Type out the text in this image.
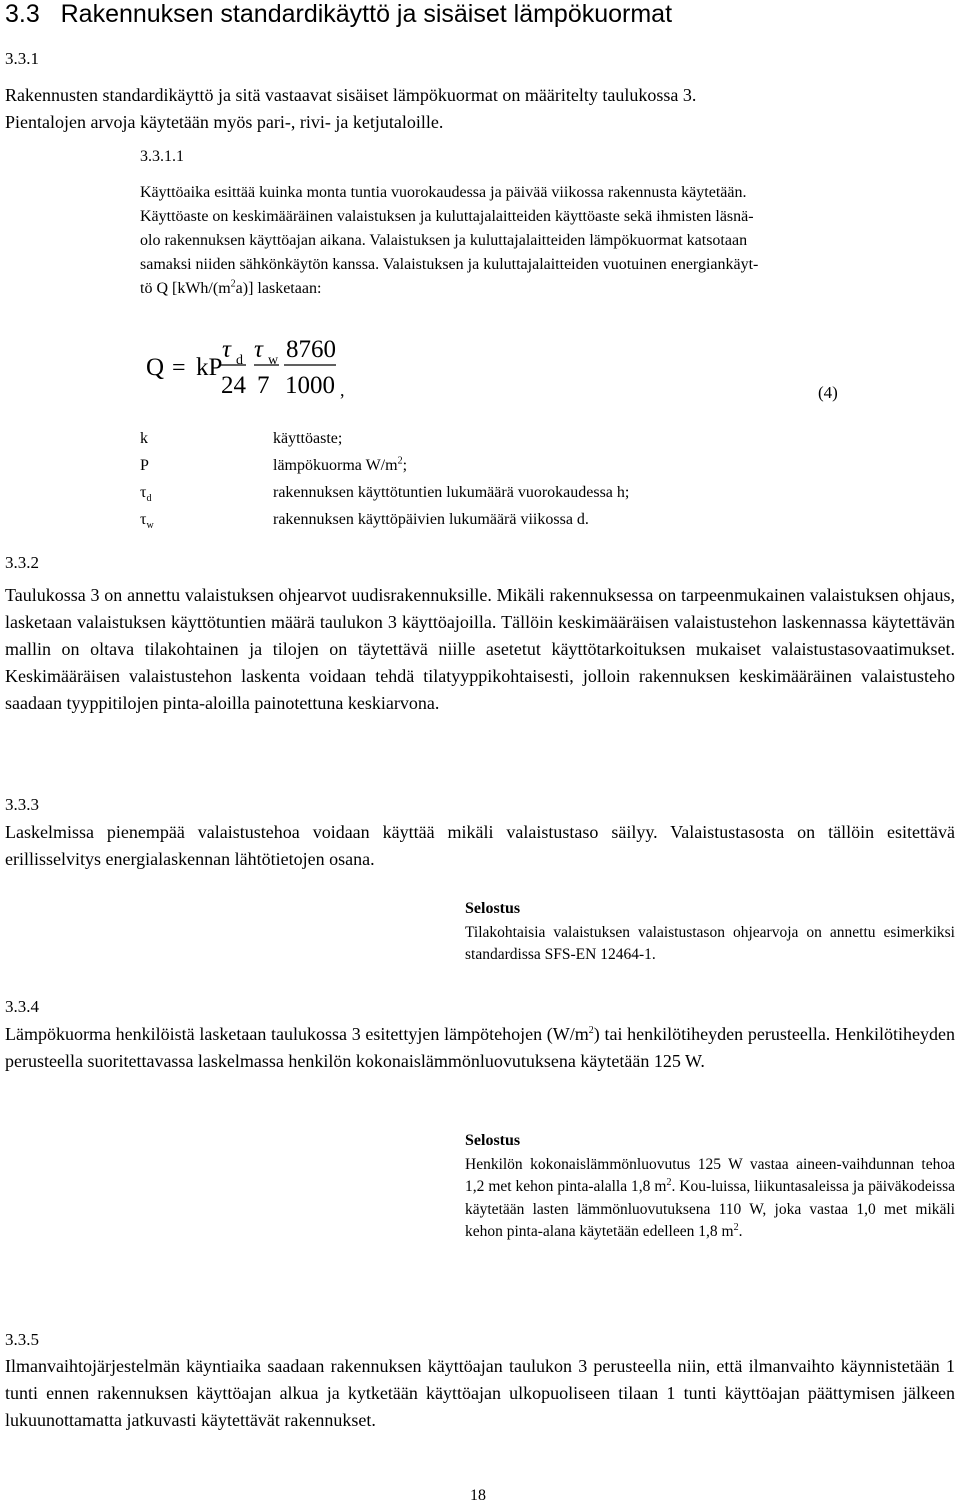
3.3 Rakennuksen standardikäyttö ja sisäiset lämpökuormat
3.3.1

Rakennusten standardikäyttö ja sitä vastaavat sisäiset lämpökuormat on määritelty taulukossa 3.

Pientalojen arvoja käytetään myös pari-, rivi- ja ketjutaloille.

3.3.1.1
Käyttöaika esittää kuinka monta tuntia vuorokaudessa ja päivää viikossa rakennusta käytetään.
Käyttöaste on keskimääräinen valaistuksen ja kuluttajalaitteiden käyttöaste sekä ihmisten läsnä-
olo rakennuksen käyttöajan aikana. Valaistuksen ja kuluttajalaitteiden lämpökuormat katsotaan
samaksi niiden sähkönkäytön kanssa. Valaistuksen ja kuluttajalaitteiden vuotuinen energiankäyt-
tö Q $[kWh/(m^2a)]$ lasketaan:
Q = kP
τ d
24
τ w
7
8760
1000 ,	(4)
k	käyttöaste;
P	lämpökuorma $W/m^2$;
$\tau_d$	rakennuksen käyttötuntien lukumäärä vuorokaudessa h;
$\tau_w$	rakennuksen käyttöpäivien lukumäärä viikossa d.
3.3.2
Taulukossa 3 on annettu valaistuksen ohjearvot uudisrakennuksille. Mikäli rakennuksessa on tarpeenmukainen valaistuksen ohjaus, lasketaan valaistuksen käyttötuntien määrä taulukon 3 käyttöajoilla. Tällöin keskimääräisen valaistustehon laskennassa käytettävän mallin on oltava tilakohtainen ja tilojen on täytettävä niille asetetut käyttötarkoituksen mukaiset valaistustasovaatimukset. Keskimääräisen valaistustehon laskenta voidaan tehdä tilatyyppikohtaisesti, jolloin rakennuksen keskimääräinen valaistusteho saadaan tyyppitilojen pinta-aloilla painotettuna keskiarvona.
3.3.3
Laskelmissa pienempää valaistustehoa voidaan käyttää mikäli valaistustaso säilyy. Valaistustasosta on tällöin esitettävä erillisselvitys energialaskennan lähtötietojen osana.
Selostus
Tilakohtaisia valaistuksen valaistustason ohjearvoja on annettu esimerkiksi standardissa SFS-EN 12464-1.
3.3.4
Lämpökuorma henkilöistä lasketaan taulukossa 3 esitettyjen lämpötehojen $(W/m^2)$ tai henkilötiheyden perusteella. Henkilötiheyden perusteella suoritettavassa laskelmassa henkilön kokonaislämmönluovutuksena käytetään 125 W.
Selostus
Henkilön kokonaislämmönluovutus 125 W vastaa aineen-vaihdunnan tehoa 1,2 met kehon pinta-alalla 1,8 $m^2$. Kou-luissa, liikuntasaleissa ja päiväkodeissa käytetään lasten lämmönluovutuksena 110 W, joka vastaa 1,0 met mikäli kehon pinta-alana käytetään edelleen 1,8 $m^2$.
3.3.5
Ilmanvaihtojärjestelmän käyntiaika saadaan rakennuksen käyttöajan taulukon 3 perusteella niin, että ilmanvaihto käynnistetään 1 tunti ennen rakennuksen käyttöajan alkua ja kytketään käyttöajan ulkopuoliseen tilaan 1 tunti käyttöajan päättymisen jälkeen lukuunottamatta jatkuvasti käytettävät rakennukset.
18
